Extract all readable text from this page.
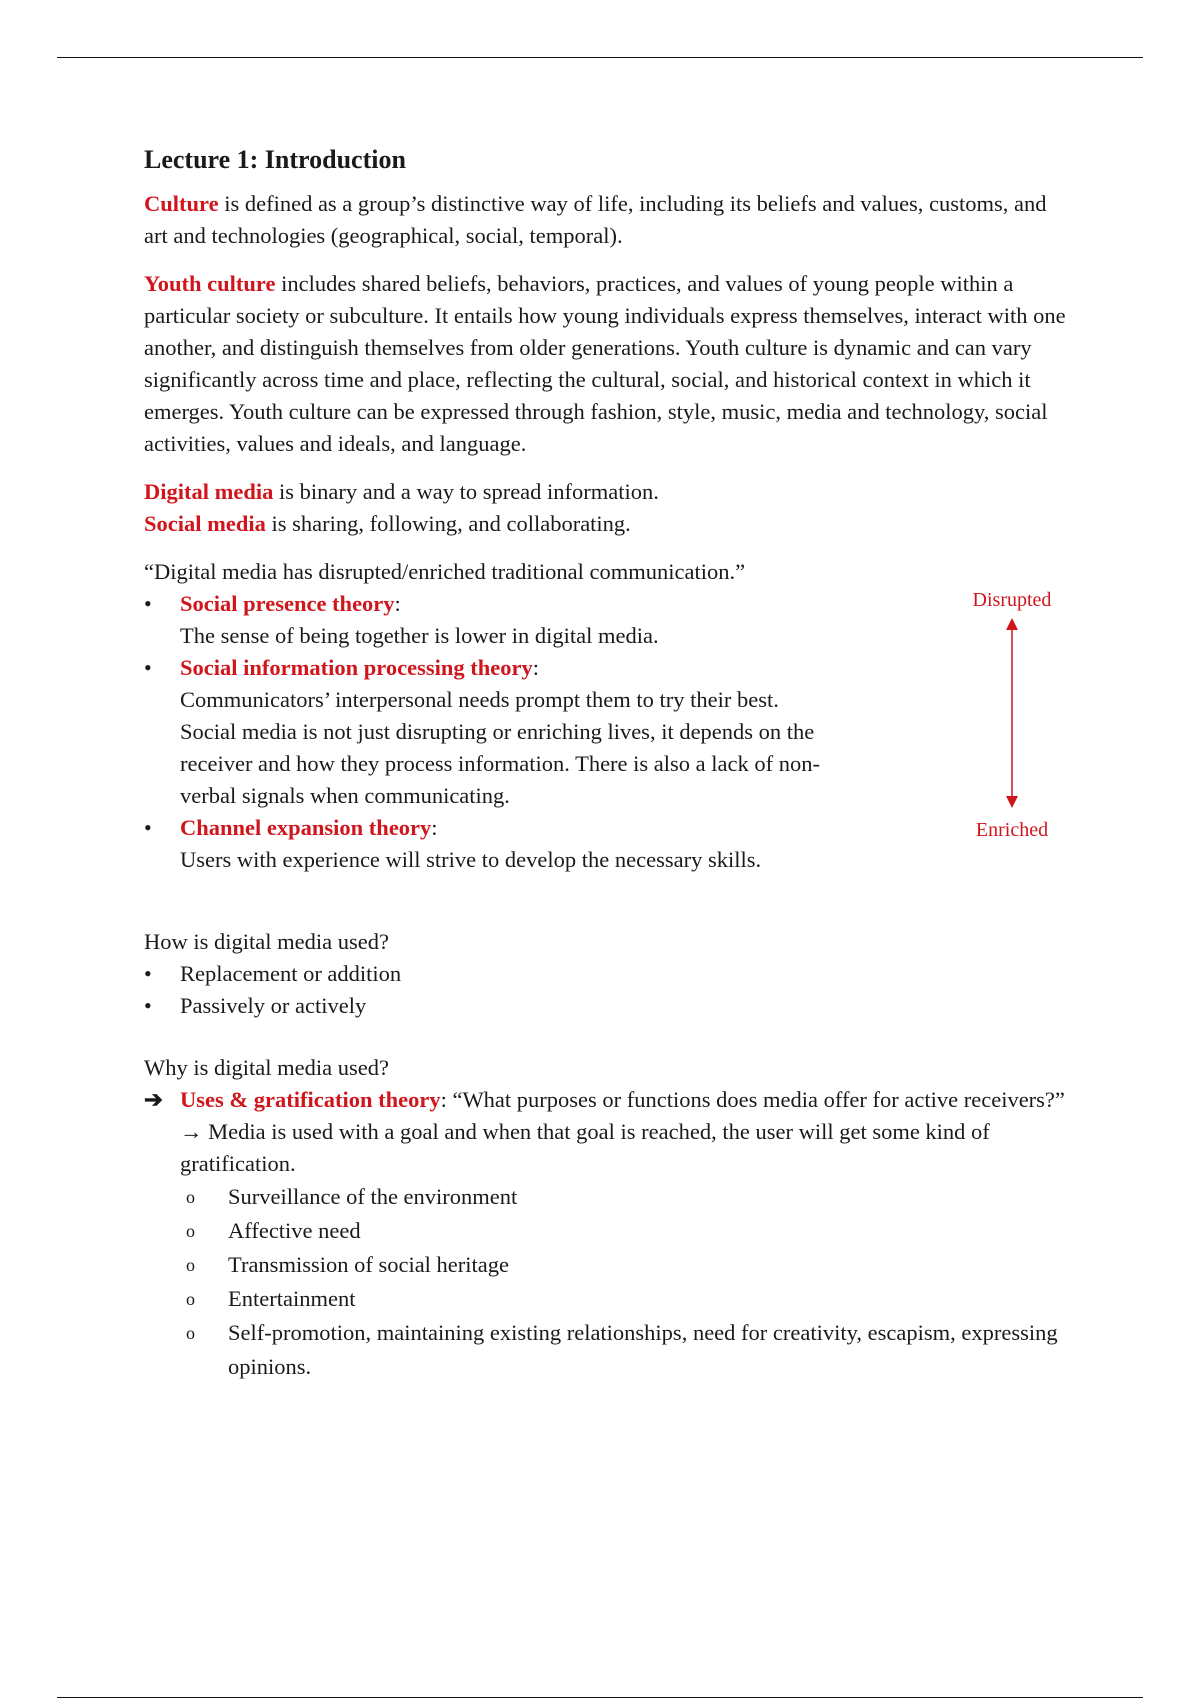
Lecture 1: Introduction

Culture is defined as a group’s distinctive way of life, including its beliefs and values, customs, and art and technologies (geographical, social, temporal).

Youth culture includes shared beliefs, behaviors, practices, and values of young people within a particular society or subculture. It entails how young individuals express themselves, interact with one another, and distinguish themselves from older generations. Youth culture is dynamic and can vary significantly across time and place, reflecting the cultural, social, and historical context in which it emerges. Youth culture can be expressed through fashion, style, music, media and technology, social activities, values and ideals, and language.

Digital media is binary and a way to spread information.
Social media is sharing, following, and collaborating.
“Digital media has disrupted/enriched traditional communication.”
• Social presence theory:
The sense of being together is lower in digital media.
• Social information processing theory:
Communicators’ interpersonal needs prompt them to try their best. Social media is not just disrupting or enriching lives, it depends on the receiver and how they process information. There is also a lack of non-verbal signals when communicating.
• Channel expansion theory:
Users with experience will strive to develop the necessary skills.
Disrupted
Enriched
How is digital media used?
• Replacement or addition
• Passively or actively
Why is digital media used?
➔ Uses & gratification theory: “What purposes or functions does media offer for active receivers?” → Media is used with a goal and when that goal is reached, the user will get some kind of gratification.
o Surveillance of the environment
o Affective need
o Transmission of social heritage
o Entertainment
o Self-promotion, maintaining existing relationships, need for creativity, escapism, expressing opinions.
